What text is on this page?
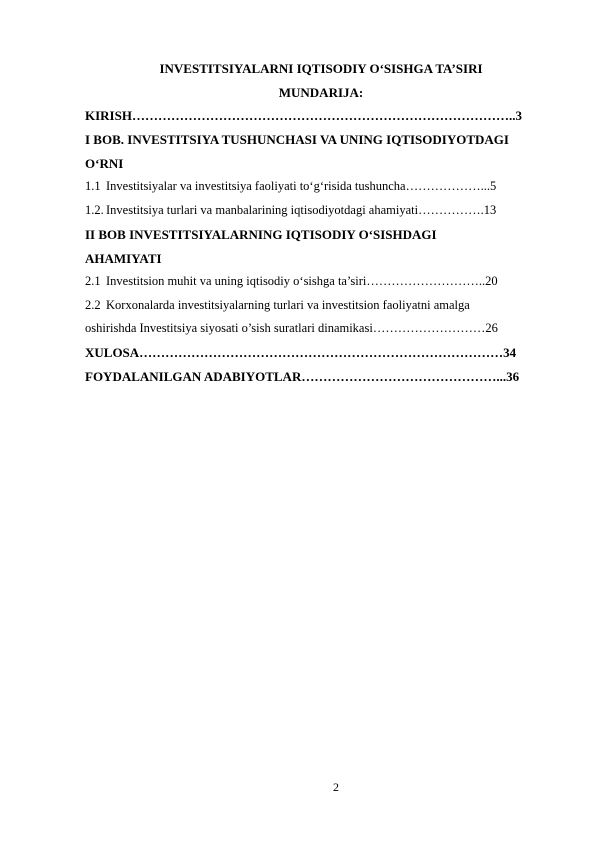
INVESTITSIYALARNI IQTISODIY O‘SISHGA TA’SIRI
MUNDARIJA:
KIRISH……………………………………………………………………………..3
I BOB. INVESTITSIYA TUSHUNCHASI VA UNING IQTISODIYOTDAGI
O‘RNI
1.1 Investitsiyalar va investitsiya faoliyati to‘g‘risida tushuncha………………...5
1.2. Investitsiya turlari va manbalarining iqtisodiyotdagi ahamiyati…………….13
II BOB INVESTITSIYALARNING IQTISODIY O‘SISHDAGI
AHAMIYATI
2.1 Investitsion muhit va uning iqtisodiy o‘sishga ta’siri………………………..20
2.2 Korxonalarda investitsiyalarning turlari va investitsion faoliyatni amalga
oshirishda Investitsiya siyosati o’sish suratlari dinamikasi………………………26
XULOSA…………………………………………………………………………34
FOYDALANILGAN ADABIYOTLAR………………………………………...36
2
